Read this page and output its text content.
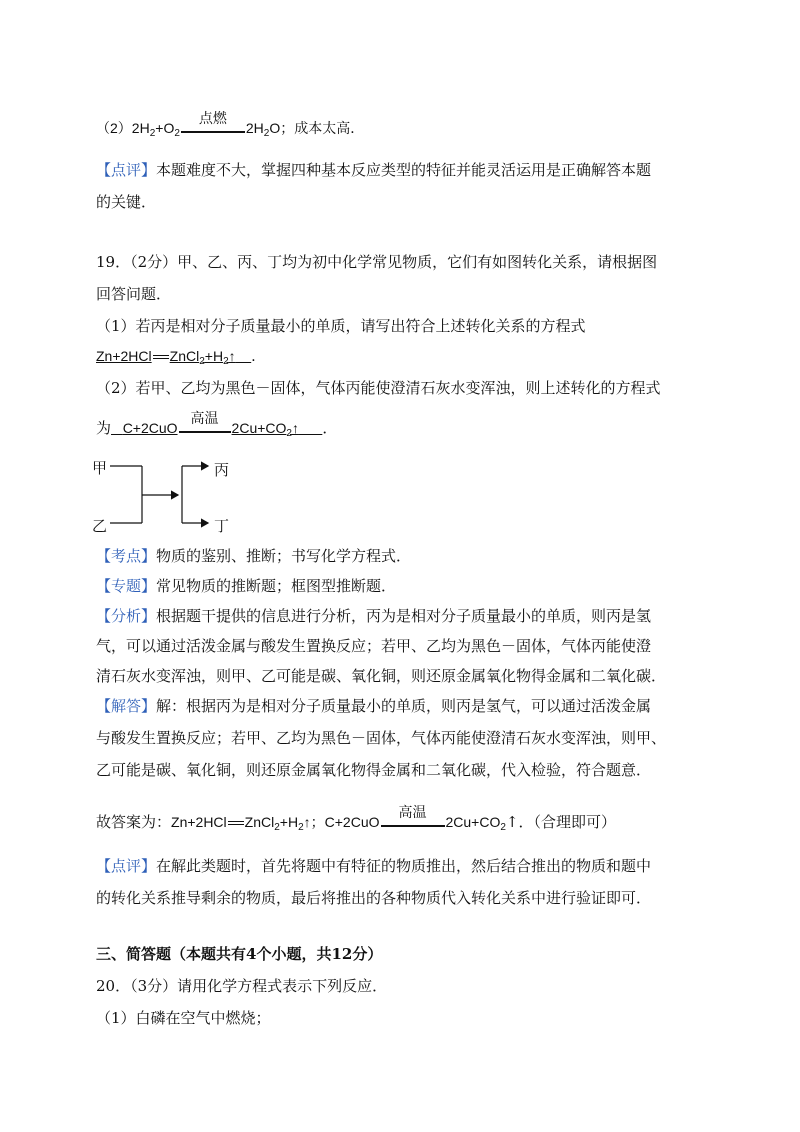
$(2)2H_2+O_2$
点燃
$2H_2O$；成本太高．
【点评】本题难度不大，掌握四种基本反应类型的特征并能灵活运用是正确解答本题
的关键．
19．（2分）甲、乙、丙、丁均为初中化学常见物质，它们有如图转化关系，请根据图
回答问题．
（1）若丙是相对分子质量最小的单质，请写出符合上述转化关系的方程式
Zn+2HCl $ZnCl_2+H_2↑$ ．
（2）若甲、乙均为黑色－固体，气体丙能使澄清石灰水变浑浊，则上述转化的方程式
为 C+2CuO
高温
$2Cu+CO_2↑$ ．
甲
乙
丙
丁
【考点】物质的鉴别、推断；书写化学方程式．
【专题】常见物质的推断题；框图型推断题．
【分析】根据题干提供的信息进行分析，丙为是相对分子质量最小的单质，则丙是氢
气，可以通过活泼金属与酸发生置换反应；若甲、乙均为黑色－固体，气体丙能使澄
清石灰水变浑浊，则甲、乙可能是碳、氧化铜，则还原金属氧化物得金属和二氧化碳．
【解答】解：根据丙为是相对分子质量最小的单质，则丙是氢气，可以通过活泼金属
与酸发生置换反应；若甲、乙均为黑色－固体，气体丙能使澄清石灰水变浑浊，则甲、
乙可能是碳、氧化铜，则还原金属氧化物得金属和二氧化碳，代入检验，符合题意．
故答案为：Zn+2HCl $ZnCl_2+H_2↑$；C+2CuO
高温
$2Cu+CO_2↑$．（合理即可）
【点评】在解此类题时，首先将题中有特征的物质推出，然后结合推出的物质和题中
的转化关系推导剩余的物质，最后将推出的各种物质代入转化关系中进行验证即可．
三、简答题（本题共有4个小题，共12分）
20．（3分）请用化学方程式表示下列反应．
（1）白磷在空气中燃烧；
